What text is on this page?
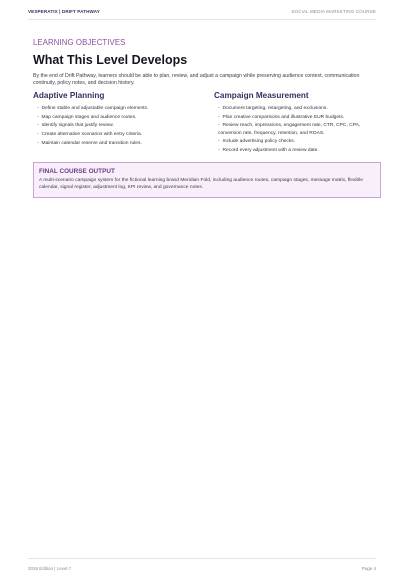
VESPERATIX | DRIFT PATHWAY	SOCIAL MEDIA MARKETING COURSE

LEARNING OBJECTIVES

What This Level Develops

By the end of Drift Pathway, learners should be able to plan, review, and adjust a campaign while preserving audience context, communication continuity, policy notes, and decision history.

Adaptive Planning
- Define stable and adjustable campaign elements.
- Map campaign stages and audience routes.
- Identify signals that justify review.
- Create alternative scenarios with entry criteria.
- Maintain calendar reserve and transition rules.
Campaign Measurement
- Document targeting, retargeting, and exclusions.
- Plan creative comparisons and illustrative EUR budgets.
- Review reach, impressions, engagement rate, CTR, CPC, CPA, conversion rate, frequency, retention, and ROAS.
- Include advertising policy checks.
- Record every adjustment with a review date.
FINAL COURSE OUTPUT

A multi-scenario campaign system for the fictional learning brand Meridian Fold, including audience routes, campaign stages, message matrix, flexible calendar, signal register, adjustment log, KPI review, and governance notes.

2026 Edition | Level 7	Page 4
